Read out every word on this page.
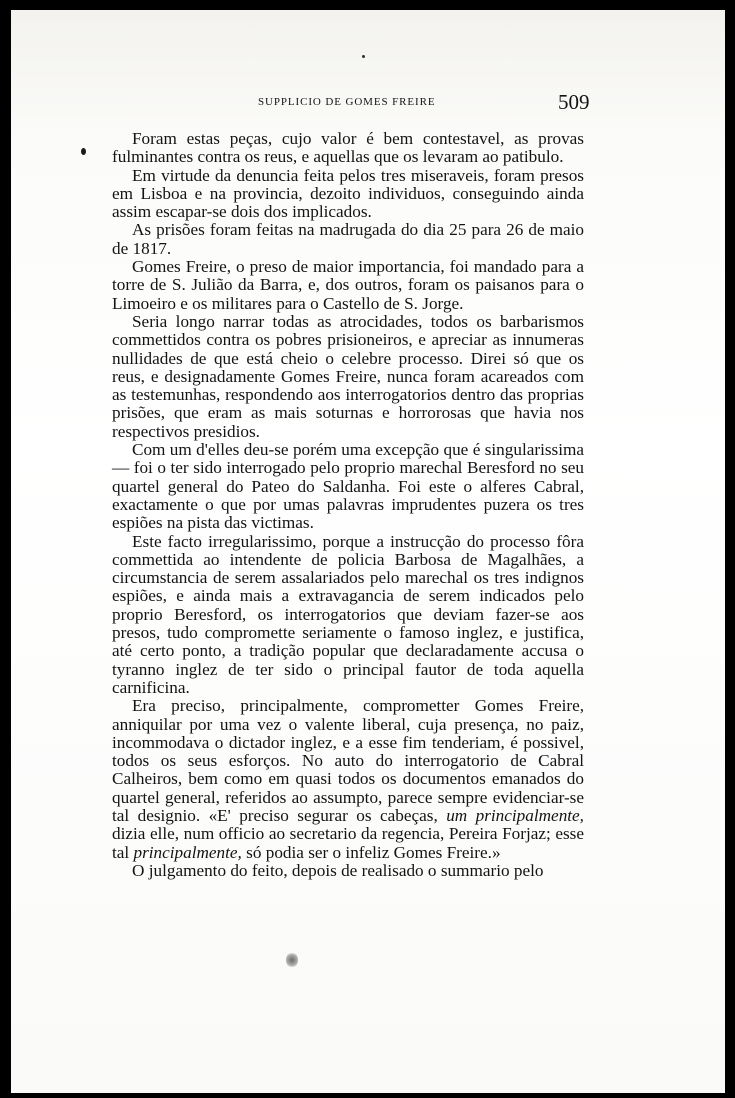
SUPPLICIO DE GOMES FREIRE	509

Foram estas peças, cujo valor é bem contestavel, as provas fulminantes contra os reus, e aquellas que os levaram ao patibulo.

Em virtude da denuncia feita pelos tres miseraveis, foram presos em Lisboa e na provincia, dezoito individuos, conseguindo ainda assim escapar-se dois dos implicados.

As prisões foram feitas na madrugada do dia 25 para 26 de maio de 1817.

Gomes Freire, o preso de maior importancia, foi mandado para a torre de S. Julião da Barra, e, dos outros, foram os paisanos para o Limoeiro e os militares para o Castello de S. Jorge.

Seria longo narrar todas as atrocidades, todos os barbarismos commettidos contra os pobres prisioneiros, e apreciar as innumeras nullidades de que está cheio o celebre processo. Direi só que os reus, e designadamente Gomes Freire, nunca foram acareados com as testemunhas, respondendo aos interrogatorios dentro das proprias prisões, que eram as mais soturnas e horrorosas que havia nos respectivos presidios.

Com um d'elles deu-se porém uma excepção que é singularissima — foi o ter sido interrogado pelo proprio marechal Beresford no seu quartel general do Pateo do Saldanha. Foi este o alferes Cabral, exactamente o que por umas palavras imprudentes puzera os tres espiões na pista das victimas.

Este facto irregularissimo, porque a instrucção do processo fôra commettida ao intendente de policia Barbosa de Magalhães, a circumstancia de serem assalariados pelo marechal os tres indignos espiões, e ainda mais a extravagancia de serem indicados pelo proprio Beresford, os interrogatorios que deviam fazer-se aos presos, tudo compromette seriamente o famoso inglez, e justifica, até certo ponto, a tradição popular que declaradamente accusa o tyranno inglez de ter sido o principal fautor de toda aquella carnificina.

Era preciso, principalmente, comprometter Gomes Freire, anniquilar por uma vez o valente liberal, cuja presença, no paiz, incommodava o dictador inglez, e a esse fim tenderiam, é possivel, todos os seus esforços. No auto do interrogatorio de Cabral Calheiros, bem como em quasi todos os documentos emanados do quartel general, referidos ao assumpto, parece sempre evidenciar-se tal designio. «E' preciso segurar os cabeças, um principalmente, dizia elle, num officio ao secretario da regencia, Pereira Forjaz; esse tal principalmente, só podia ser o infeliz Gomes Freire.»

O julgamento do feito, depois de realisado o summario pelo
